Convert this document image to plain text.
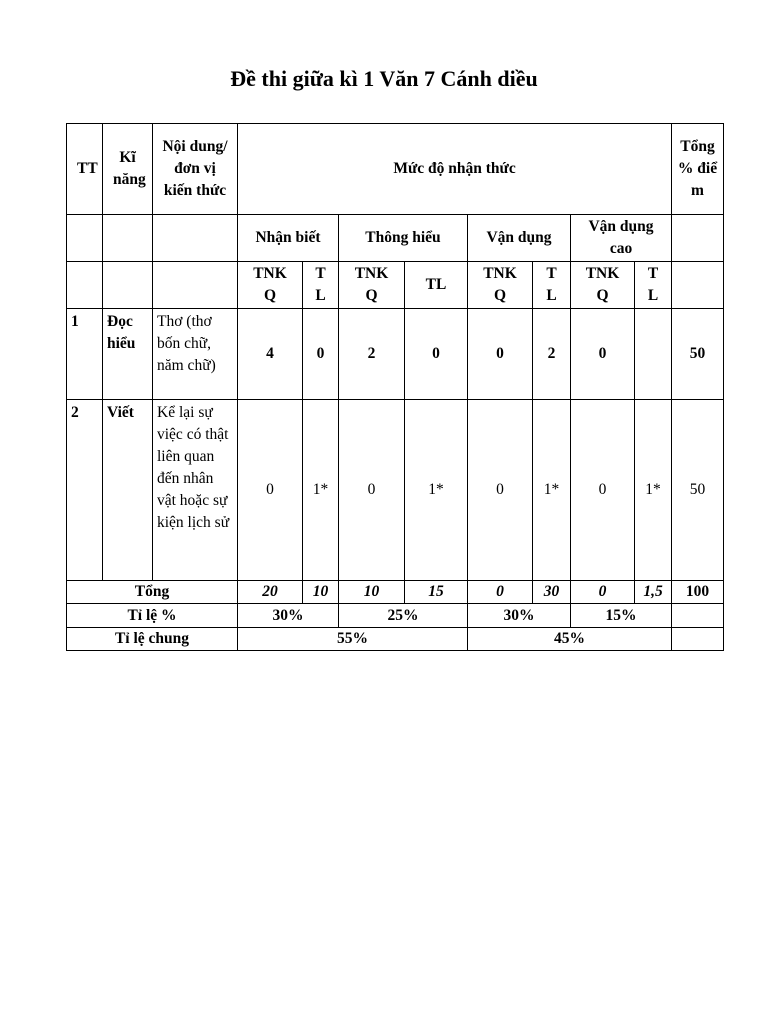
Đề thi giữa kì 1 Văn 7 Cánh diều
TT	Kĩ năng	Nội dung/đơn vị kiến thức	Mức độ nhận thức								Tổng % điểm
			Nhận biết		Thông hiểu		Vận dụng		Vận dụng cao		
			TNKQ	TL	TNKQ	TL	TNKQ	TL	TNKQ	TL	
1	Đọc hiểu	Thơ (thơ bốn chữ, năm chữ)	4	0	2	0	0	2	0		50
2	Viết	Kể lại sự việc có thật liên quan đến nhân vật hoặc sự kiện lịch sử	0	1*	0	1*	0	1*	0	1*	50
Tổng			20	10	10	15	0	30	0	1,5	100
Tỉ lệ %			30%		25%		30%		15%		
Tỉ lệ chung			55%				45%				
